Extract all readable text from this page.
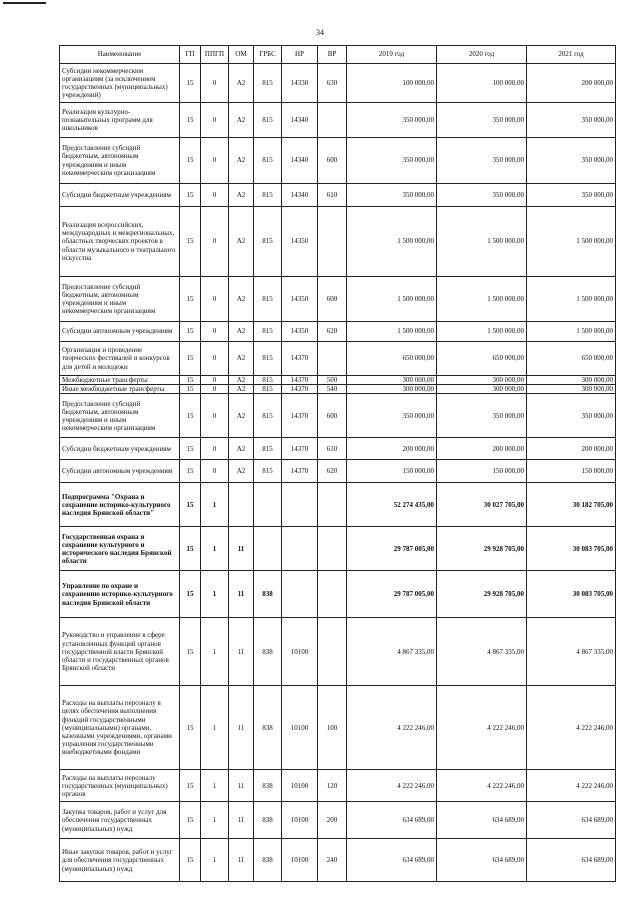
34
Наименование	ГП	ППГП	ОМ	ГРБС	НР	ВР	2019 год	2020 год	2021 год
Субсидии некоммерческим организациям (за исключением государственных (муниципальных) учреждений)	15	0	А2	815	14330	630	100 000,00	100 000,00	200 000,00
Реализация культурно-познавательных программ для школьников	15	0	А2	815	14340		350 000,00	350 000,00	350 000,00
Предоставление субсидий бюджетным, автономным учреждениям и иным некоммерческим организациям	15	0	А2	815	14340	600	350 000,00	350 000,00	350 000,00
Субсидии бюджетным учреждениям	15	0	А2	815	14340	610	350 000,00	350 000,00	350 000,00
Реализация всероссийских, международных и межрегиональных, областных творческих проектов в области музыкального и театрального искусства	15	0	А2	815	14350		1 500 000,00	1 500 000,00	1 500 000,00
Предоставление субсидий бюджетным, автономным учреждениям и иным некоммерческим организациям	15	0	А2	815	14350	600	1 500 000,00	1 500 000,00	1 500 000,00
Субсидии автономным учреждениям	15	0	А2	815	14350	620	1 500 000,00	1 500 000,00	1 500 000,00
Организация и проведение творческих фестивалей и конкурсов для детей и молодежи	15	0	А2	815	14370		650 000,00	650 000,00	650 000,00
Межбюджетные трансферты	15	0	А2	815	14370	500	300 000,00	300 000,00	300 000,00
Иные межбюджетные трансферты	15	0	А2	815	14370	540	300 000,00	300 000,00	300 000,00
Предоставление субсидий бюджетным, автономным учреждениям и иным некоммерческим организациям	15	0	А2	815	14370	600	350 000,00	350 000,00	350 000,00
Субсидии бюджетным учреждениям	15	0	А2	815	14370	610	200 000,00	200 000,00	200 000,00
Субсидии автономным учреждениям	15	0	А2	815	14370	620	150 000,00	150 000,00	150 000,00
Подпрограмма "Охрана и сохранение историко-культурного наследия Брянской области"	15	1					52 274 435,00	30 027 705,00	30 182 705,00
Государственная охрана и сохранение культурного и исторического наследия Брянской области	15	1	11				29 787 005,00	29 928 705,00	30 083 705,00
Управление по охране и сохранению историко-культурного наследия Брянской области	15	1	11	838			29 787 005,00	29 928 705,00	30 083 705,00
Руководство и управление в сфере установленных функций органов государственной власти Брянской области и государственных органов Брянской области	15	1	11	838	10100		4 867 335,00	4 867 335,00	4 867 335,00
Расходы на выплаты персоналу в целях обеспечения выполнения функций государственными (муниципальными) органами, казенными учреждениями, органами управления государственными внебюджетными фондами	15	1	11	838	10100	100	4 222 246,00	4 222 246,00	4 222 246,00
Расходы на выплаты персоналу государственных (муниципальных) органов	15	1	11	838	10100	120	4 222 246,00	4 222 246,00	4 222 246,00
Закупка товаров, работ и услуг для обеспечения государственных (муниципальных) нужд	15	1	11	838	10100	200	634 689,00	634 689,00	634 689,00
Иные закупки товаров, работ и услуг для обеспечения государственных (муниципальных) нужд	15	1	11	838	10100	240	634 689,00	634 689,00	634 689,00
